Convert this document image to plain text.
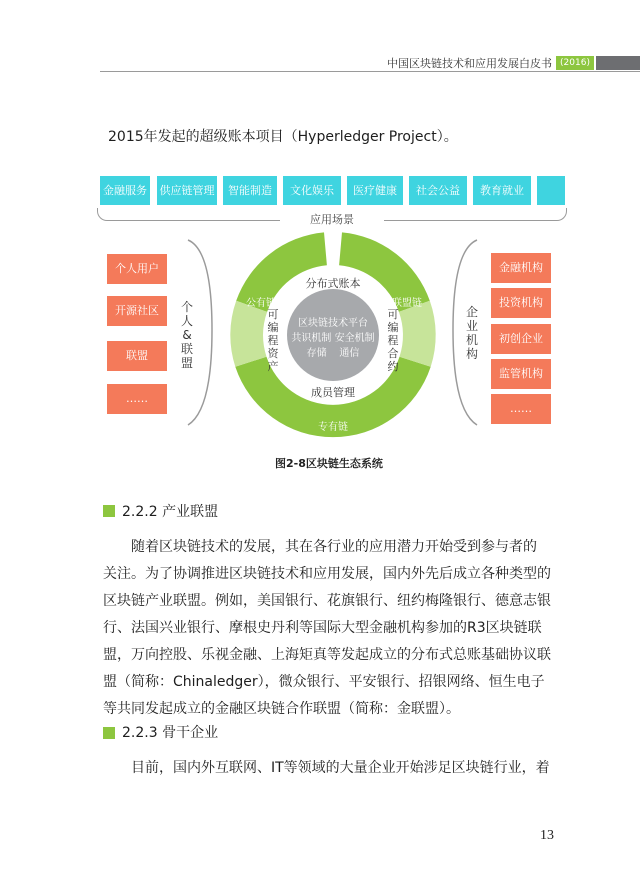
中国区块链技术和应用发展白皮书 (2016)
2015年发起的超级账本项目（Hyperledger Project）。
金融服务 供应链管理	智能制造	文化娱乐	医疗健康	社会公益	教育就业
应用场景
个人用户
开源社区
联盟
……
个人&联盟
金融机构
投资机构
初创企业
监管机构
……
企业机构
公有链	联盟链
专有链
分布式账本
成员管理
区块链技术平台
共识机制 安全机制
存储    通信
可编程资产
可编程合约
图2-8区块链生态系统
2.2.2 产业联盟
随着区块链技术的发展，其在各行业的应用潜力开始受到参与者的
关注。为了协调推进区块链技术和应用发展，国内外先后成立各种类型的
区块链产业联盟。例如，美国银行、花旗银行、纽约梅隆银行、德意志银
行、法国兴业银行、摩根史丹利等国际大型金融机构参加的R3区块链联
盟，万向控股、乐视金融、上海矩真等发起成立的分布式总账基础协议联
盟（简称：Chinaledger），微众银行、平安银行、招银网络、恒生电子
等共同发起成立的金融区块链合作联盟（简称：金联盟）。
2.2.3 骨干企业
目前，国内外互联网、IT等领域的大量企业开始涉足区块链行业，着
13
